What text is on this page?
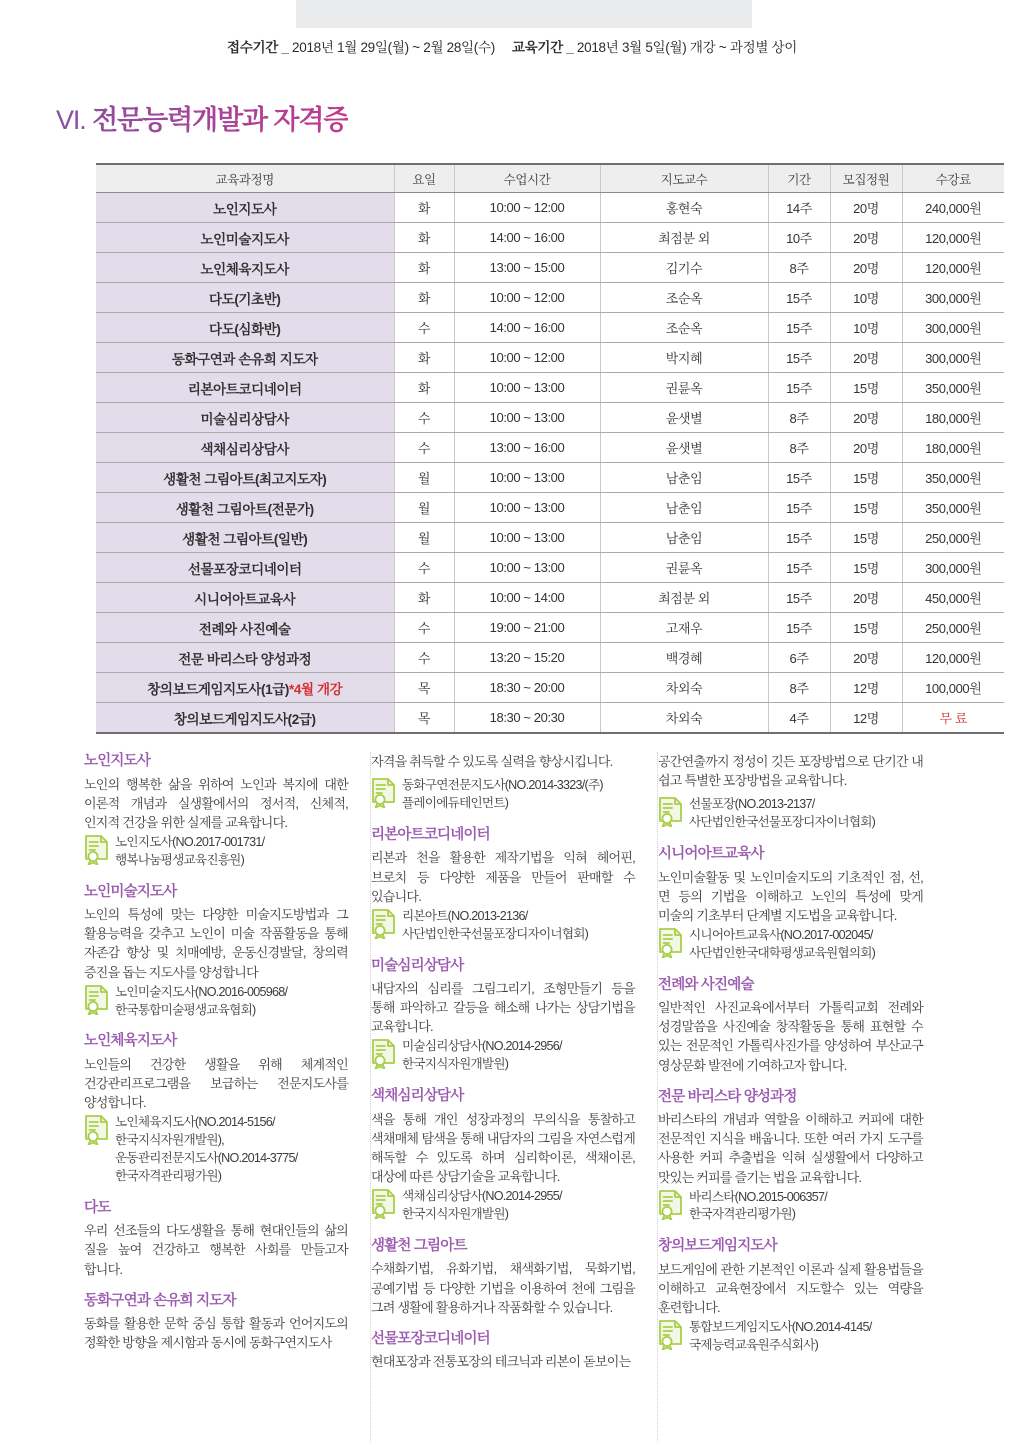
접수기간 _ 2018년 1월 29일(월) ~ 2월 28일(수) 교육기간 _ 2018년 3월 5일(월) 개강 ~ 과정별 상이
VI. 전문능력개발과 자격증
교육과정명	요일	수업시간	지도교수	기간	모집정원	수강료
노인지도사	화	10:00 ~ 12:00	홍현숙	14주	20명	240,000원
노인미술지도사	화	14:00 ~ 16:00	최점분 외	10주	20명	120,000원
노인체육지도사	화	13:00 ~ 15:00	김기수	8주	20명	120,000원
다도(기초반)	화	10:00 ~ 12:00	조순옥	15주	10명	300,000원
다도(심화반)	수	14:00 ~ 16:00	조순옥	15주	10명	300,000원
동화구연과 손유희 지도자	화	10:00 ~ 12:00	박지혜	15주	20명	300,000원
리본아트코디네이터	화	10:00 ~ 13:00	권륜옥	15주	15명	350,000원
미술심리상담사	수	10:00 ~ 13:00	윤샛별	8주	20명	180,000원
색채심리상담사	수	13:00 ~ 16:00	윤샛별	8주	20명	180,000원
생활천 그림아트(최고지도자)	월	10:00 ~ 13:00	남춘임	15주	15명	350,000원
생활천 그림아트(전문가)	월	10:00 ~ 13:00	남춘임	15주	15명	350,000원
생활천 그림아트(일반)	월	10:00 ~ 13:00	남춘임	15주	15명	250,000원
선물포장코디네이터	수	10:00 ~ 13:00	권륜옥	15주	15명	300,000원
시니어아트교육사	화	10:00 ~ 14:00	최점분 외	15주	20명	450,000원
전례와 사진예술	수	19:00 ~ 21:00	고재우	15주	15명	250,000원
전문 바리스타 양성과정	수	13:20 ~ 15:20	백경혜	6주	20명	120,000원
창의보드게임지도사(1급)*4월 개강	목	18:30 ~ 20:00	차외숙	8주	12명	100,000원
창의보드게임지도사(2급)	목	18:30 ~ 20:30	차외숙	4주	12명	무 료
노인지도사

노인의 행복한 삶을 위하여 노인과 복지에 대한 이론적 개념과 실생활에서의 정서적, 신체적, 인지적 건강을 위한 실제를 교육합니다.

노인지도사(NO.2017-001731/행복나눔평생교육진흥원)
노인미술지도사

노인의 특성에 맞는 다양한 미술지도방법과 그 활용능력을 갖추고 노인이 미술 작품활동을 통해 자존감 향상 및 치매예방, 운동신경발달, 창의력 증진을 돕는 지도사를 양성합니다

노인미술지도사(NO.2016-005968/한국통합미술평생교육협회)
노인체육지도사

노인들의 건강한 생활을 위해 체계적인 건강관리프로그램을 보급하는 전문지도사를 양성합니다.

노인체육지도사(NO.2014-5156/한국지식자원개발원),
운동관리전문지도사(NO.2014-3775/한국자격관리평가원)
다도

우리 선조들의 다도생활을 통해 현대인들의 삶의 질을 높여 건강하고 행복한 사회를 만들고자 합니다.

동화구연과 손유희 지도자

동화를 활용한 문학 중심 통합 활동과 언어지도의 정확한 방향을 제시함과 동시에 동화구연지도사

자격을 취득할 수 있도록 실력을 향상시킵니다.

동화구연전문지도사(NO.2014-3323/(주)플레이에듀테인먼트)
리본아트코디네이터

리본과 천을 활용한 제작기법을 익혀 헤어핀, 브로치 등 다양한 제품을 만들어 판매할 수 있습니다.

리본아트(NO.2013-2136/사단법인한국선물포장디자이너협회)
미술심리상담사

내담자의 심리를 그림그리기, 조형만들기 등을 통해 파악하고 갈등을 해소해 나가는 상담기법을 교육합니다.

미술심리상담사(NO.2014-2956/한국지식자원개발원)
색채심리상담사

색을 통해 개인 성장과정의 무의식을 통찰하고 색채매체 탐색을 통해 내담자의 그림을 자연스럽게 해독할 수 있도록 하며 심리학이론, 색채이론, 대상에 따른 상담기술을 교육합니다.

색채심리상담사(NO.2014-2955/한국지식자원개발원)
생활천 그림아트

수채화기법, 유화기법, 채색화기법, 묵화기법, 공예기법 등 다양한 기법을 이용하여 천에 그림을 그려 생활에 활용하거나 작품화할 수 있습니다.

선물포장코디네이터

현대포장과 전통포장의 테크닉과 리본이 돋보이는

공간연출까지 정성이 깃든 포장방법으로 단기간 내 쉽고 특별한 포장방법을 교육합니다.

선물포장(NO.2013-2137/사단법인한국선물포장디자이너협회)
시니어아트교육사

노인미술활동 및 노인미술지도의 기초적인 점, 선, 면 등의 기법을 이해하고 노인의 특성에 맞게 미술의 기초부터 단계별 지도법을 교육합니다.

시니어아트교육사(NO.2017-002045/사단법인한국대학평생교육원협의회)
전례와 사진예술

일반적인 사진교육에서부터 가톨릭교회 전례와 성경말씀을 사진예술 창작활동을 통해 표현할 수 있는 전문적인 가톨릭사진가를 양성하여 부산교구 영상문화 발전에 기여하고자 합니다.

전문 바리스타 양성과정

바리스타의 개념과 역할을 이해하고 커피에 대한 전문적인 지식을 배웁니다. 또한 여러 가지 도구를 사용한 커피 추출법을 익혀 실생활에서 다양하고 맛있는 커피를 즐기는 법을 교육합니다.

바리스타(NO.2015-006357/한국자격관리평가원)
창의보드게임지도사

보드게임에 관한 기본적인 이론과 실제 활용법들을 이해하고 교육현장에서 지도할수 있는 역량을 훈련합니다.

통합보드게임지도사(NO.2014-4145/국제능력교육원주식회사)
